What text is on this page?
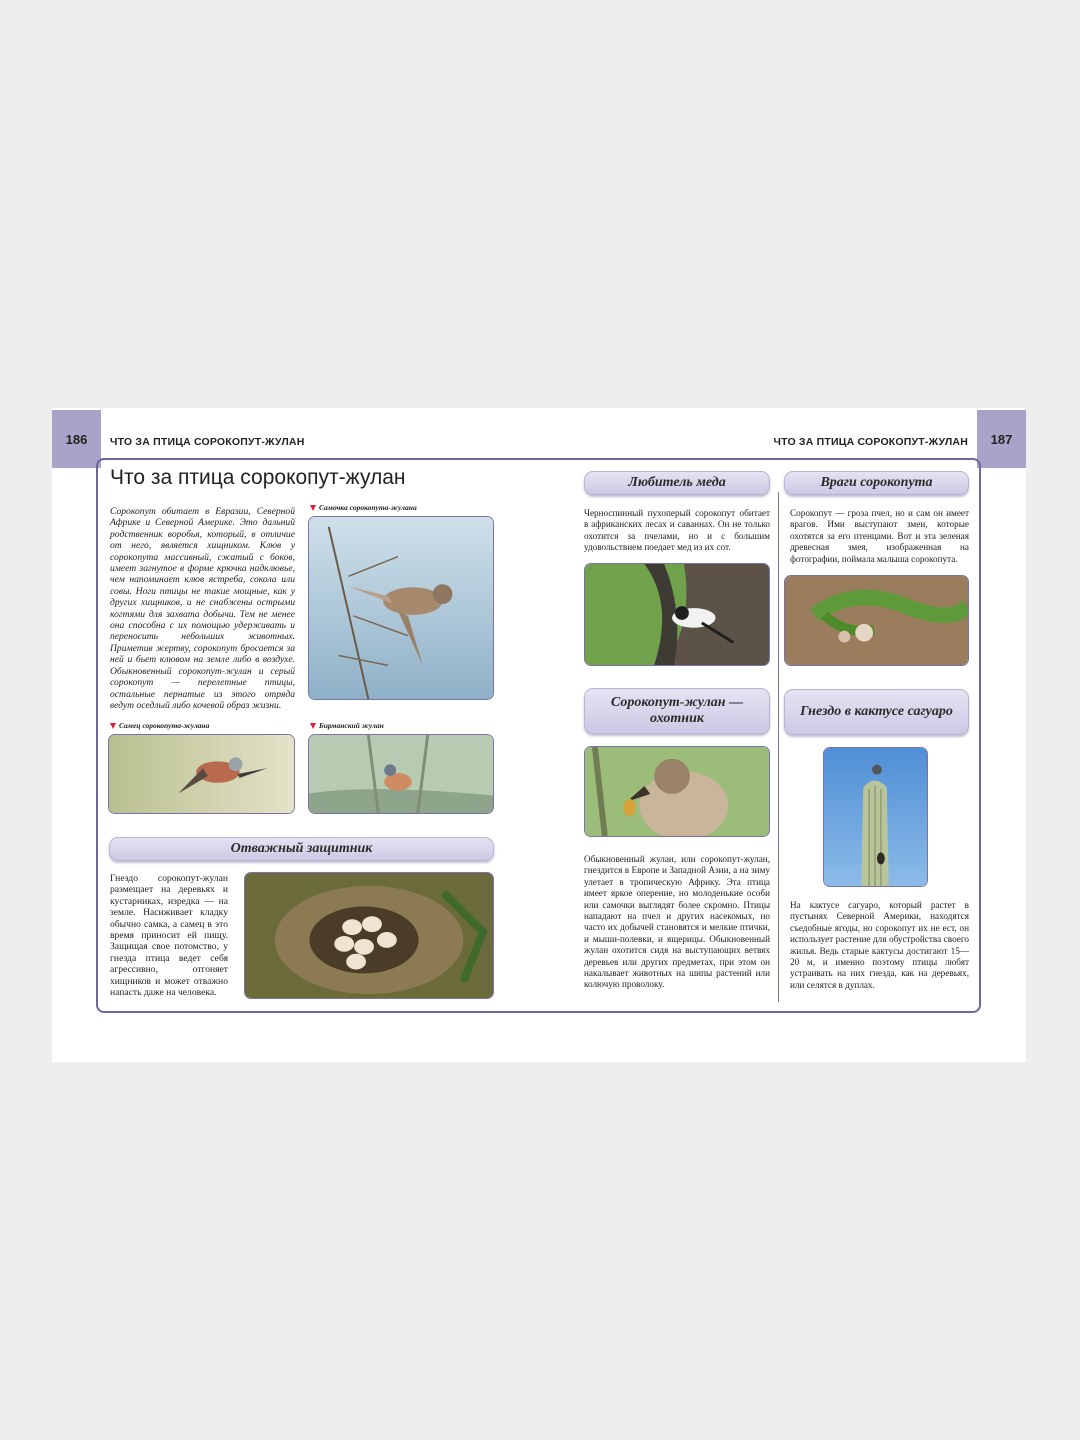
186	ЧТО ЗА ПТИЦА СОРОКОПУТ-ЖУЛАН	ЧТО ЗА ПТИЦА СОРОКОПУТ-ЖУЛАН	187
Что за птица сорокопут-жулан

Сорокопут обитает в Евразии, Северной Африке и Северной Америке. Это дальний родственник воробья, который, в отличие от него, является хищником. Клюв у сорокопута массивный, сжатый с боков, имеет загнутое в форме крючка надклювье, чем напоминает клюв ястреба, сокола или совы. Ноги птицы не такие мощные, как у других хищников, и не снабжены острыми когтями для захвата добычи. Тем не менее она способна с их помощью удерживать и переносить небольших животных. Приметив жертву, сорокопут бросается за ней и бьет клювом на земле либо в воздухе. Обыкновенный сорокопут-жулан и серый сорокопут — перелетные птицы, остальные пернатые из этого отряда ведут оседлый либо кочевой образ жизни.

Самочка сорокопута-жулана
Самец сорокопута-жулана	Бирманский жулан
Отважный защитник

Гнездо сорокопут-жулан размещает на деревьях и кустарниках, изредка — на земле. Насиживает кладку обычно самка, а самец в это время приносит ей пищу. Защищая свое потомство, у гнезда птица ведет себя агрессивно, отгоняет хищников и может отважно напасть даже на человека.

Любитель меда

Черноспинный пухоперый сорокопут обитает в африканских лесах и саваннах. Он не только охотится за пчелами, но и с большим удовольствием поедает мед из их сот.

Сорокопут-жулан — охотник

Обыкновенный жулан, или сорокопут-жулан, гнездится в Европе и Западной Азии, а на зиму улетает в тропическую Африку. Эта птица имеет яркое оперение, но молоденькие особи или самочки выглядят более скромно. Птицы нападают на пчел и других насекомых, но часто их добычей становятся и мелкие птички, и мыши-полевки, и ящерицы. Обыкновенный жулан охотится сидя на выступающих ветвях деревьев или других предметах, при этом он накалывает животных на шипы растений или колючую проволоку.

Враги сорокопута

Сорокопут — гроза пчел, но и сам он имеет врагов. Ими выступают змеи, которые охотятся за его птенцами. Вот и эта зеленая древесная змея, изображенная на фотографии, поймала малыша сорокопута.

Гнездо в кактусе сагуаро

На кактусе сагуаро, который растет в пустынях Северной Америки, находятся съедобные ягоды, но сорокопут их не ест, он использует растение для обустройства своего жилья. Ведь старые кактусы достигают 15—20 м, и именно поэтому птицы любят устраивать на них гнезда, как на деревьях, или селятся в дуплах.
